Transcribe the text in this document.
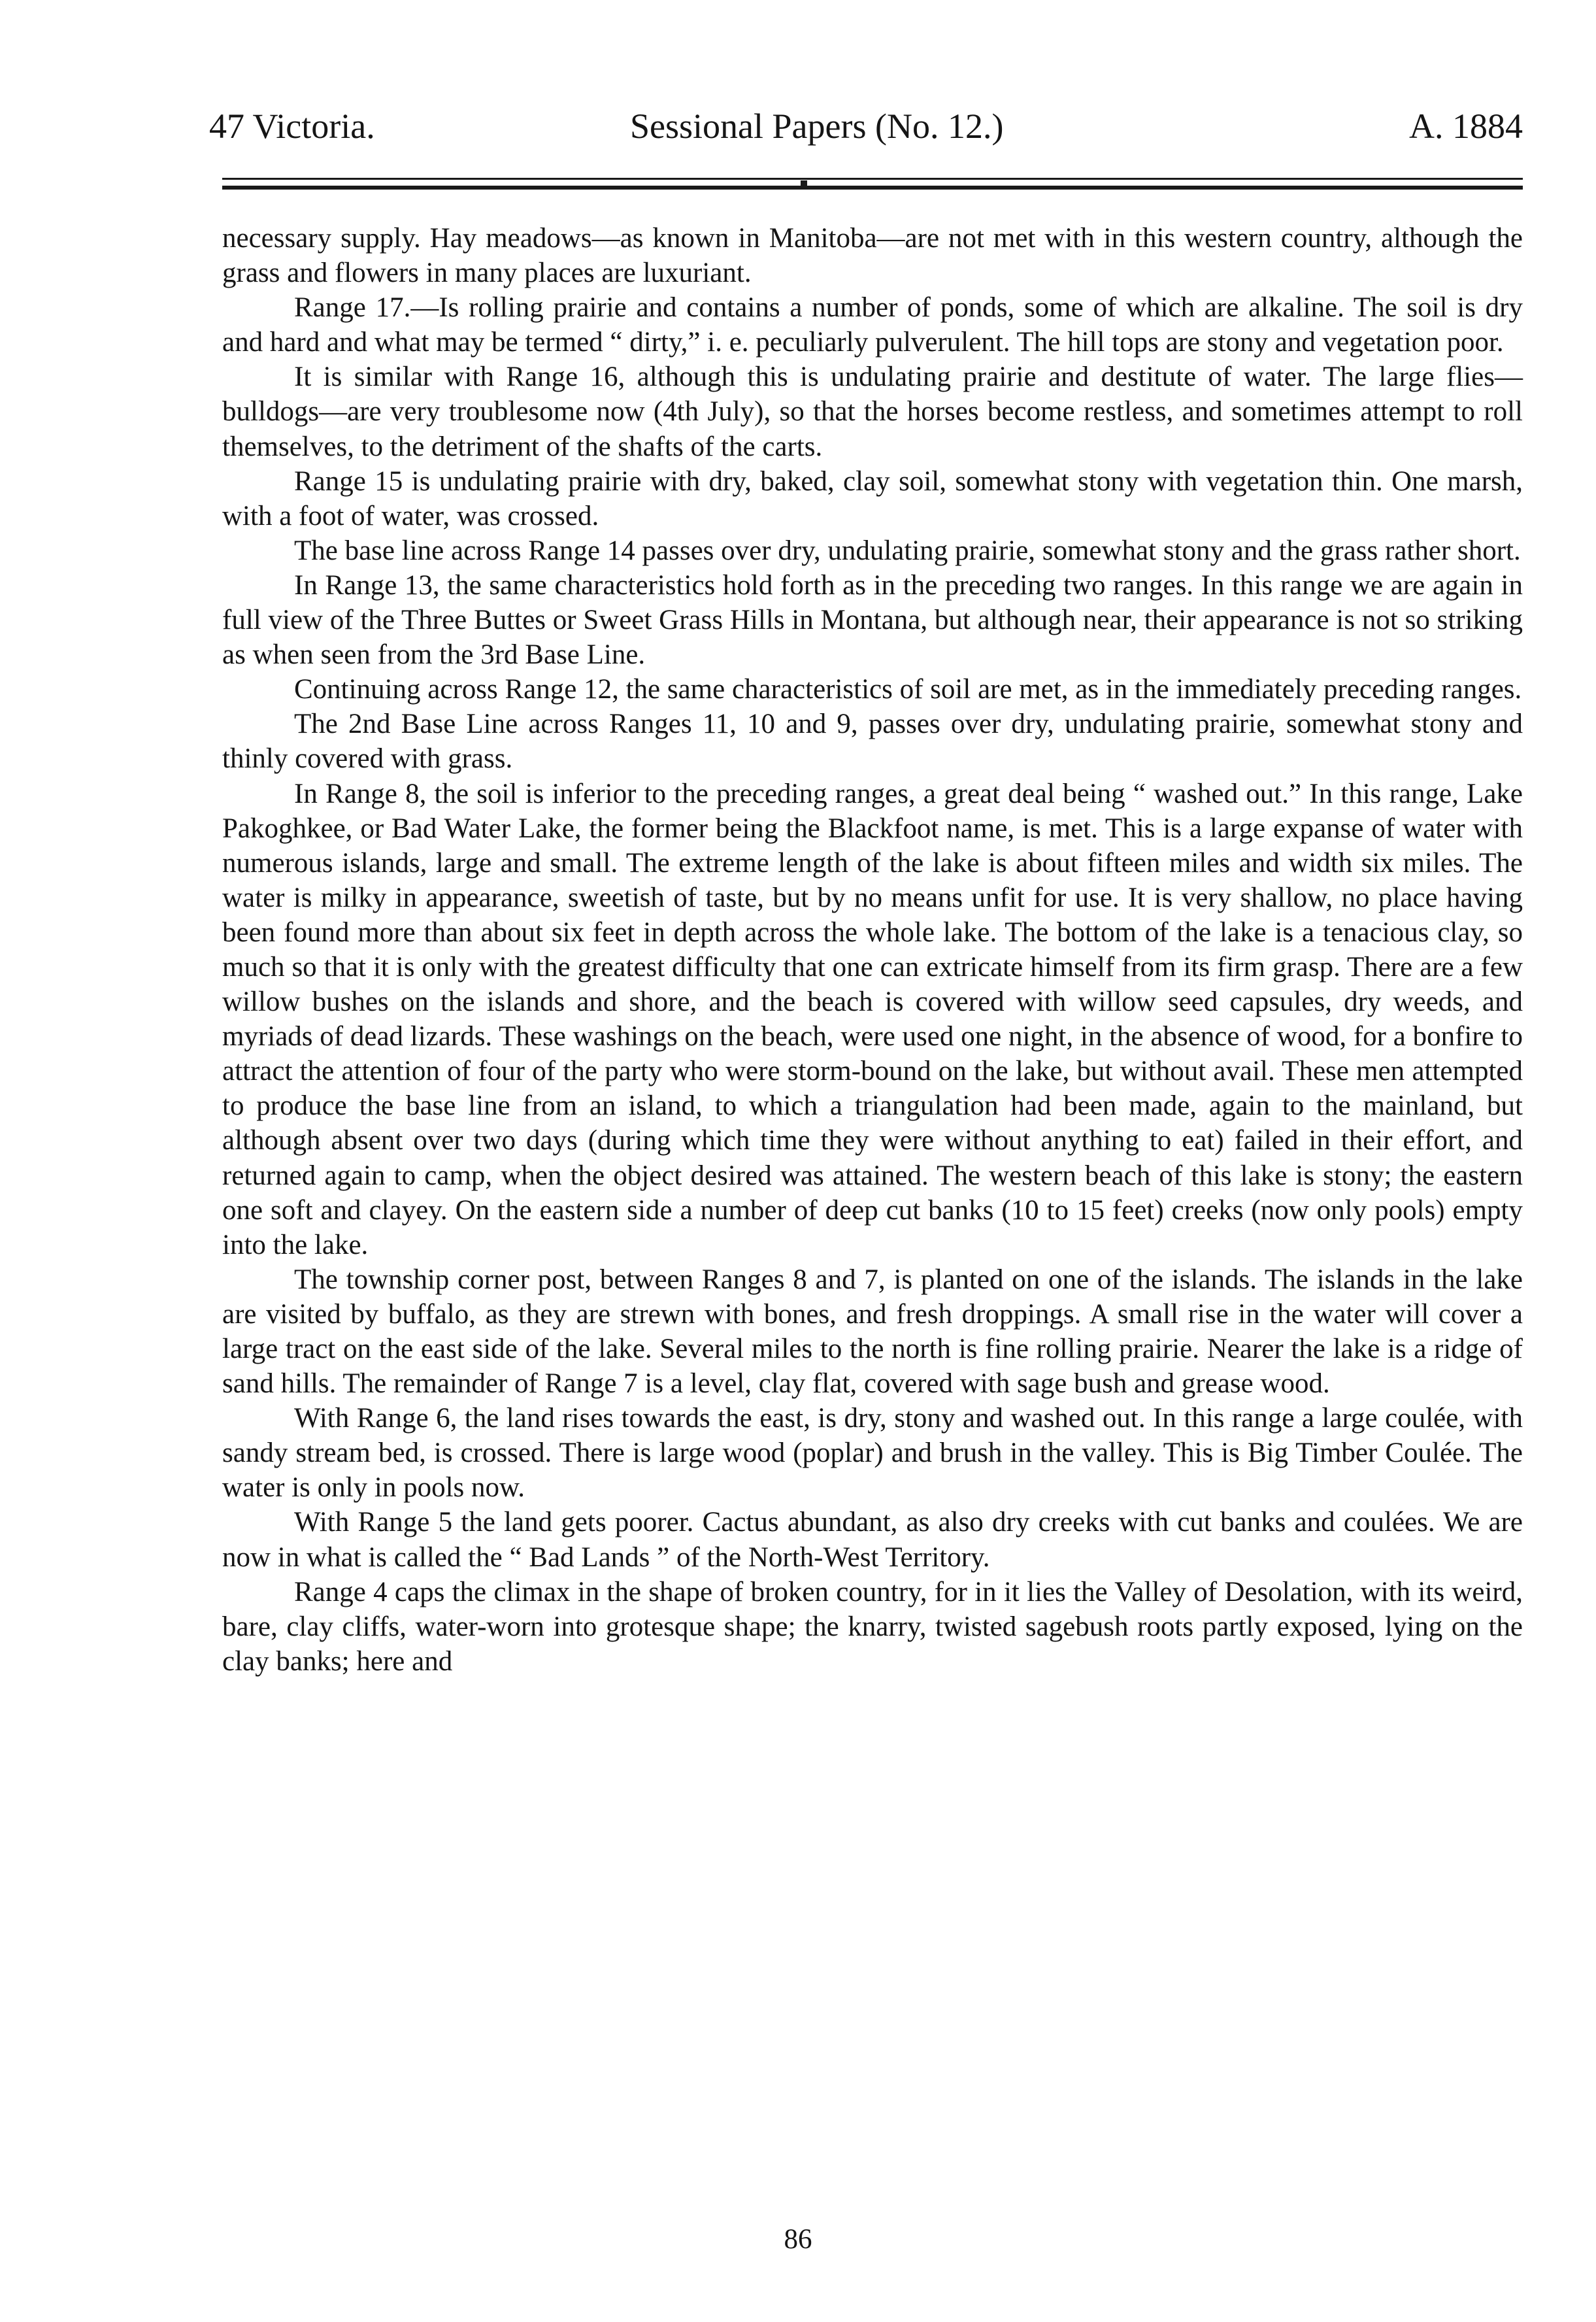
47 Victoria.	Sessional Papers (No. 12.)	A. 1884

necessary supply. Hay meadows—as known in Manitoba—are not met with in this western country, although the grass and flowers in many places are luxuriant.

Range 17.—Is rolling prairie and contains a number of ponds, some of which are alkaline. The soil is dry and hard and what may be termed “ dirty,” i. e. peculiarly pulverulent. The hill tops are stony and vegetation poor.

It is similar with Range 16, although this is undulating prairie and destitute of water. The large flies—bulldogs—are very troublesome now (4th July), so that the horses become restless, and sometimes attempt to roll themselves, to the detriment of the shafts of the carts.

Range 15 is undulating prairie with dry, baked, clay soil, somewhat stony with vegetation thin. One marsh, with a foot of water, was crossed.

The base line across Range 14 passes over dry, undulating prairie, somewhat stony and the grass rather short.

In Range 13, the same characteristics hold forth as in the preceding two ranges. In this range we are again in full view of the Three Buttes or Sweet Grass Hills in Montana, but although near, their appearance is not so striking as when seen from the 3rd Base Line.

Continuing across Range 12, the same characteristics of soil are met, as in the immediately preceding ranges.

The 2nd Base Line across Ranges 11, 10 and 9, passes over dry, undulating prairie, somewhat stony and thinly covered with grass.

In Range 8, the soil is inferior to the preceding ranges, a great deal being “ washed out.” In this range, Lake Pakoghkee, or Bad Water Lake, the former being the Blackfoot name, is met. This is a large expanse of water with numerous islands, large and small. The extreme length of the lake is about fifteen miles and width six miles. The water is milky in appearance, sweetish of taste, but by no means unfit for use. It is very shallow, no place having been found more than about six feet in depth across the whole lake. The bottom of the lake is a tenacious clay, so much so that it is only with the greatest difficulty that one can extricate himself from its firm grasp. There are a few willow bushes on the islands and shore, and the beach is covered with willow seed capsules, dry weeds, and myriads of dead lizards. These washings on the beach, were used one night, in the absence of wood, for a bonfire to attract the attention of four of the party who were storm-bound on the lake, but without avail. These men attempted to produce the base line from an island, to which a triangulation had been made, again to the mainland, but although absent over two days (during which time they were without anything to eat) failed in their effort, and returned again to camp, when the object desired was attained. The western beach of this lake is stony; the eastern one soft and clayey. On the eastern side a number of deep cut banks (10 to 15 feet) creeks (now only pools) empty into the lake.

The township corner post, between Ranges 8 and 7, is planted on one of the islands. The islands in the lake are visited by buffalo, as they are strewn with bones, and fresh droppings. A small rise in the water will cover a large tract on the east side of the lake. Several miles to the north is fine rolling prairie. Nearer the lake is a ridge of sand hills. The remainder of Range 7 is a level, clay flat, covered with sage bush and grease wood.

With Range 6, the land rises towards the east, is dry, stony and washed out. In this range a large coulée, with sandy stream bed, is crossed. There is large wood (poplar) and brush in the valley. This is Big Timber Coulée. The water is only in pools now.

With Range 5 the land gets poorer. Cactus abundant, as also dry creeks with cut banks and coulées. We are now in what is called the “ Bad Lands ” of the North-West Territory.

Range 4 caps the climax in the shape of broken country, for in it lies the Valley of Desolation, with its weird, bare, clay cliffs, water-worn into grotesque shape; the knarry, twisted sagebush roots partly exposed, lying on the clay banks; here and

86
